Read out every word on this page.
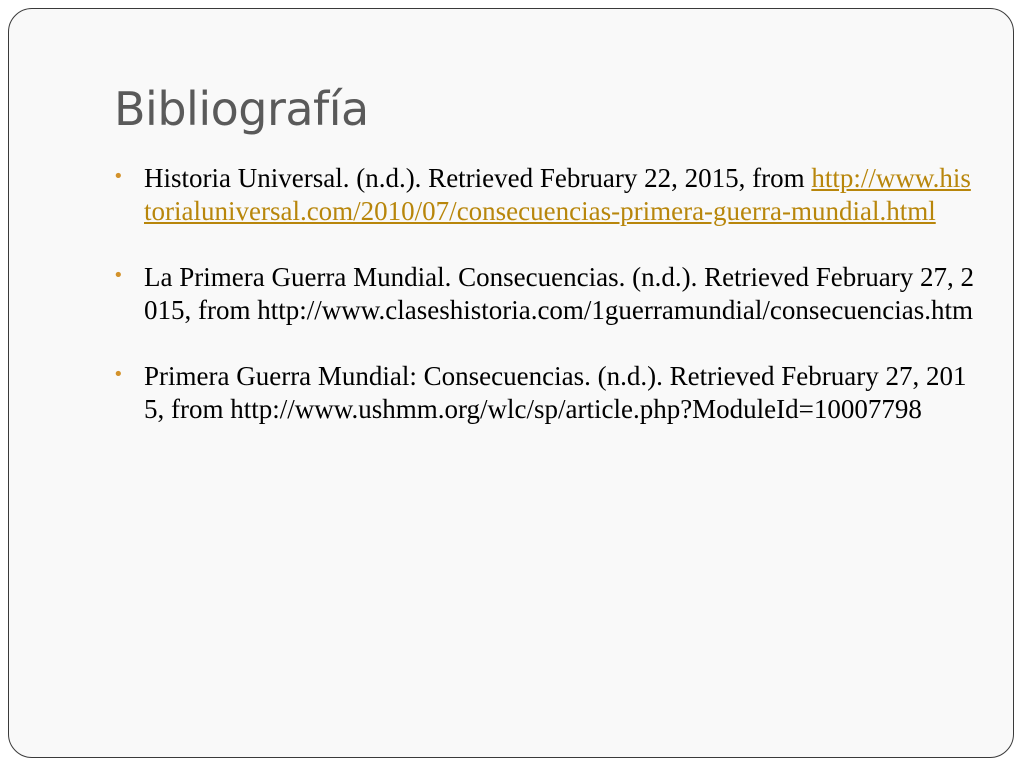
Bibliografía
• Historia Universal. (n.d.). Retrieved February 22, 2015, from http://www.historialuniversal.com/2010/07/consecuencias-primera-guerra-mundial.html
• La Primera Guerra Mundial. Consecuencias. (n.d.). Retrieved February 27, 2015, from http://www.claseshistoria.com/1guerramundial/consecuencias.htm
• Primera Guerra Mundial: Consecuencias. (n.d.). Retrieved February 27, 2015, from http://www.ushmm.org/wlc/sp/article.php?ModuleId=10007798
